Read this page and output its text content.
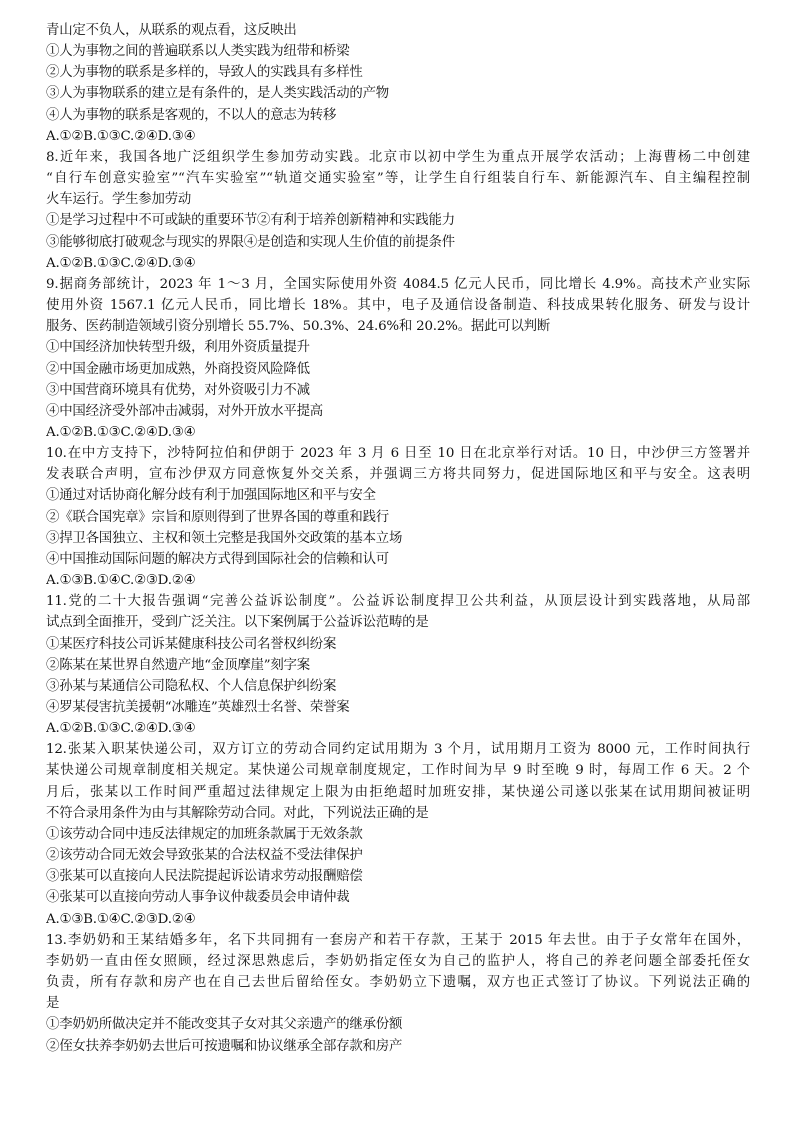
青山定不负人，从联系的观点看，这反映出
①人为事物之间的普遍联系以人类实践为纽带和桥梁
②人为事物的联系是多样的，导致人的实践具有多样性
③人为事物联系的建立是有条件的，是人类实践活动的产物
④人为事物的联系是客观的，不以人的意志为转移
A.①②B.①③C.②④D.③④
8.近年来，我国各地广泛组织学生参加劳动实践。北京市以初中学生为重点开展学农活动；上海曹杨二中创建
“自行车创意实验室”“汽车实验室”“轨道交通实验室”等，让学生自行组装自行车、新能源汽车、自主编程控制
火车运行。学生参加劳动
①是学习过程中不可或缺的重要环节②有利于培养创新精神和实践能力
③能够彻底打破观念与现实的界限④是创造和实现人生价值的前提条件
A.①②B.①③C.②④D.③④
9.据商务部统计，2023 年 1～3 月，全国实际使用外资 4084.5 亿元人民币，同比增长 4.9%。高技术产业实际
使用外资 1567.1 亿元人民币，同比增长 18%。其中，电子及通信设备制造、科技成果转化服务、研发与设计
服务、医药制造领域引资分别增长 55.7%、50.3%、24.6%和 20.2%。据此可以判断
①中国经济加快转型升级，利用外资质量提升
②中国金融市场更加成熟，外商投资风险降低
③中国营商环境具有优势，对外资吸引力不减
④中国经济受外部冲击减弱，对外开放水平提高
A.①②B.①③C.②④D.③④
10.在中方支持下，沙特阿拉伯和伊朗于 2023 年 3 月 6 日至 10 日在北京举行对话。10 日，中沙伊三方签署并
发表联合声明，宣布沙伊双方同意恢复外交关系，并强调三方将共同努力，促进国际地区和平与安全。这表明
①通过对话协商化解分歧有利于加强国际地区和平与安全
②《联合国宪章》宗旨和原则得到了世界各国的尊重和践行
③捍卫各国独立、主权和领土完整是我国外交政策的基本立场
④中国推动国际问题的解决方式得到国际社会的信赖和认可
A.①③B.①④C.②③D.②④
11.党的二十大报告强调“完善公益诉讼制度”。公益诉讼制度捍卫公共利益，从顶层设计到实践落地，从局部
试点到全面推开，受到广泛关注。以下案例属于公益诉讼范畴的是
①某医疗科技公司诉某健康科技公司名誉权纠纷案
②陈某在某世界自然遗产地“金顶摩崖”刻字案
③孙某与某通信公司隐私权、个人信息保护纠纷案
④罗某侵害抗美援朝“冰雕连”英雄烈士名誉、荣誉案
A.①②B.①③C.②④D.③④
12.张某入职某快递公司，双方订立的劳动合同约定试用期为 3 个月，试用期月工资为 8000 元，工作时间执行
某快递公司规章制度相关规定。某快递公司规章制度规定，工作时间为早 9 时至晚 9 时，每周工作 6 天。2 个
月后，张某以工作时间严重超过法律规定上限为由拒绝超时加班安排，某快递公司遂以张某在试用期间被证明
不符合录用条件为由与其解除劳动合同。对此，下列说法正确的是
①该劳动合同中违反法律规定的加班条款属于无效条款
②该劳动合同无效会导致张某的合法权益不受法律保护
③张某可以直接向人民法院提起诉讼请求劳动报酬赔偿
④张某可以直接向劳动人事争议仲裁委员会申请仲裁
A.①③B.①④C.②③D.②④
13.李奶奶和王某结婚多年，名下共同拥有一套房产和若干存款，王某于 2015 年去世。由于子女常年在国外，
李奶奶一直由侄女照顾，经过深思熟虑后，李奶奶指定侄女为自己的监护人，将自己的养老问题全部委托侄女
负责，所有存款和房产也在自己去世后留给侄女。李奶奶立下遗嘱，双方也正式签订了协议。下列说法正确的
是
①李奶奶所做决定并不能改变其子女对其父亲遗产的继承份额
②侄女扶养李奶奶去世后可按遗嘱和协议继承全部存款和房产
